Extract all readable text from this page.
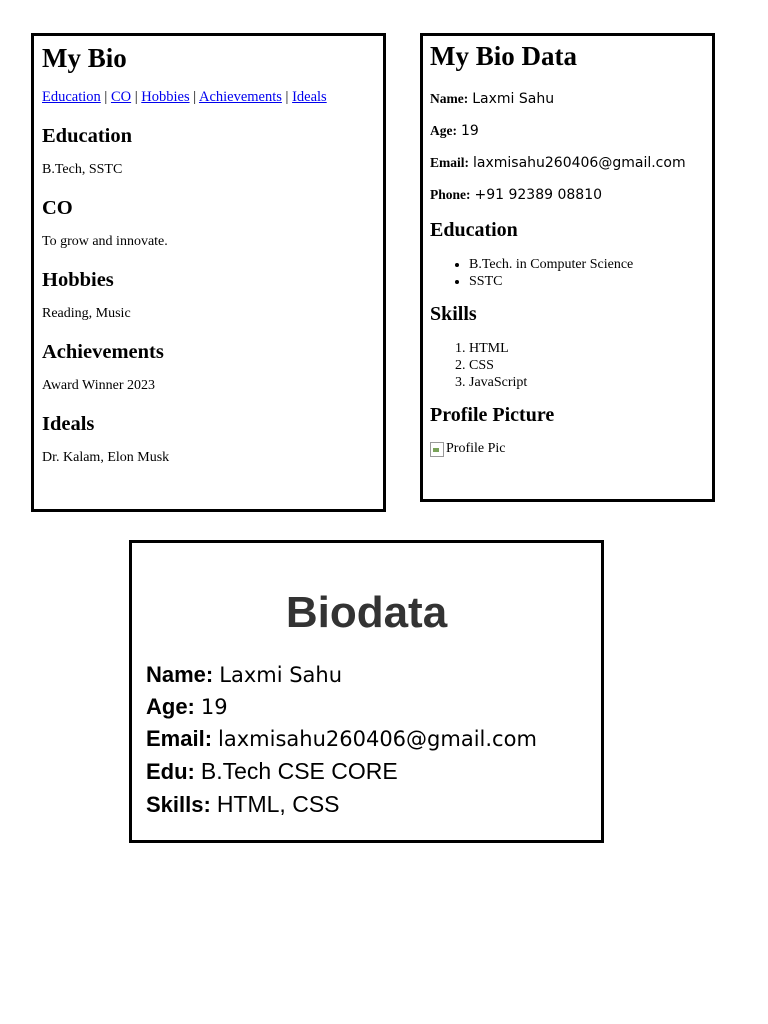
My Bio
Education | CO | Hobbies | Achievements | Ideals
Education

B.Tech, SSTC

CO

To grow and innovate.

Hobbies

Reading, Music

Achievements

Award Winner 2023

Ideals

Dr. Kalam, Elon Musk

My Bio Data
Name: Laxmi Sahu
Age: 19
Email: laxmisahu260406@gmail.com
Phone: +91 92389 08810
Education
• B.Tech. in Computer Science
• SSTC
Skills
1. HTML
2. CSS
3. JavaScript
Profile Picture
Profile Pic
Biodata
Name: Laxmi Sahu
Age: 19
Email: laxmisahu260406@gmail.com
Edu: B.Tech CSE CORE
Skills: HTML, CSS
